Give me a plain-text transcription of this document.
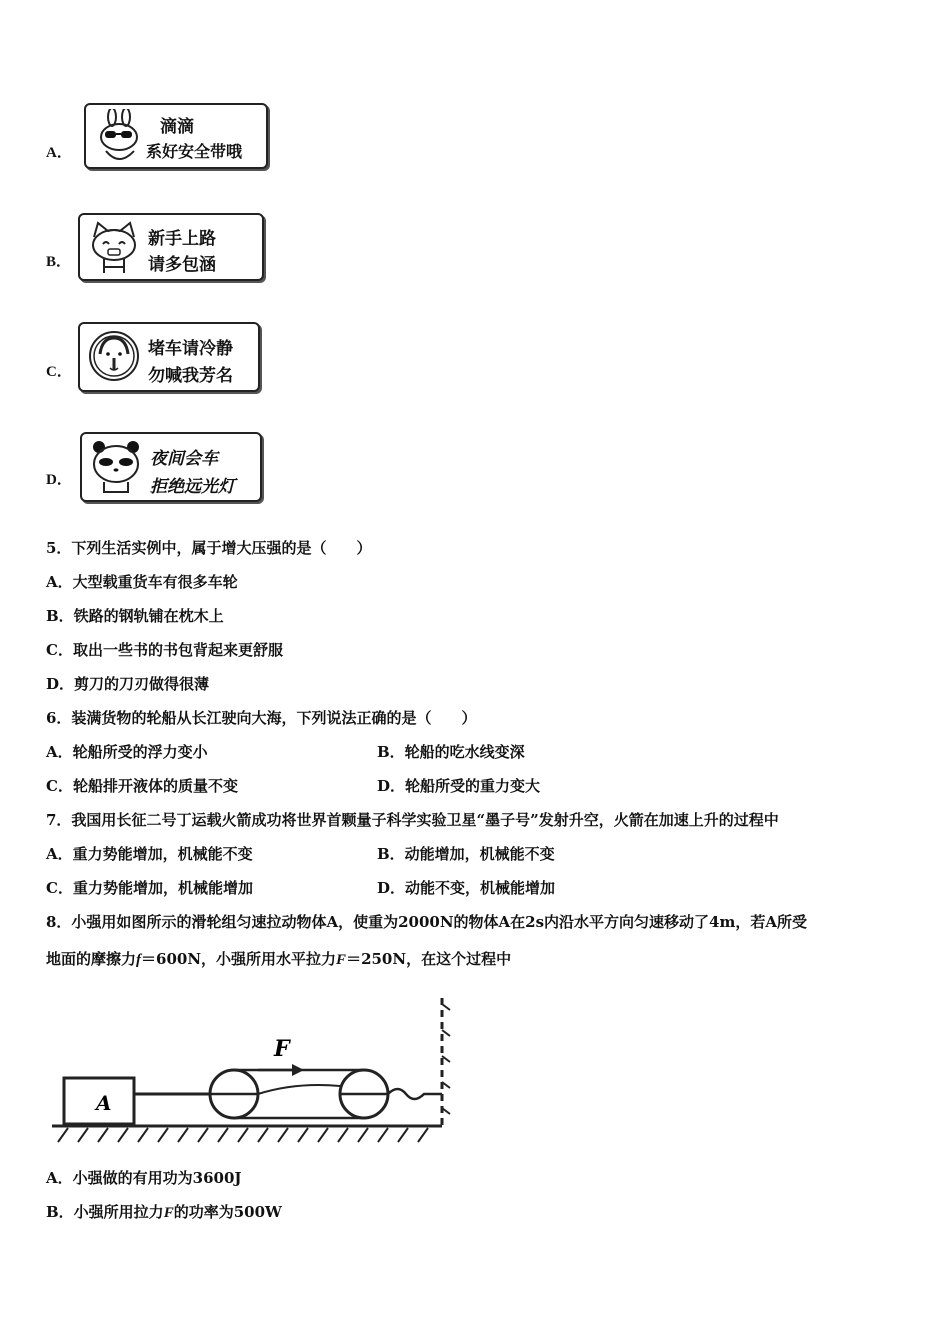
A．
滴滴
系好安全带哦
B．
新手上路
请多包涵
C．
堵车请冷静
勿喊我芳名
D．
夜间会车
拒绝远光灯
5．下列生活实例中，属于增大压强的是（　　）
A．大型载重货车有很多车轮
B．铁路的钢轨铺在枕木上
C．取出一些书的书包背起来更舒服
D．剪刀的刀刃做得很薄
6．装满货物的轮船从长江驶向大海，下列说法正确的是（　　）
A．轮船所受的浮力变小	B．轮船的吃水线变深
C．轮船排开液体的质量不变	D．轮船所受的重力变大
7．我国用长征二号丁运载火箭成功将世界首颗量子科学实验卫星“墨子号”发射升空，火箭在加速上升的过程中
A．重力势能增加，机械能不变	B．动能增加，机械能不变
C．重力势能增加，机械能增加	D．动能不变，机械能增加
8．小强用如图所示的滑轮组匀速拉动物体A，使重为2000N的物体A在2s内沿水平方向匀速移动了4m，若A所受
地面的摩擦力f＝600N，小强所用水平拉力F＝250N，在这个过程中
A
F
A．小强做的有用功为3600J
B．小强所用拉力F的功率为500W
